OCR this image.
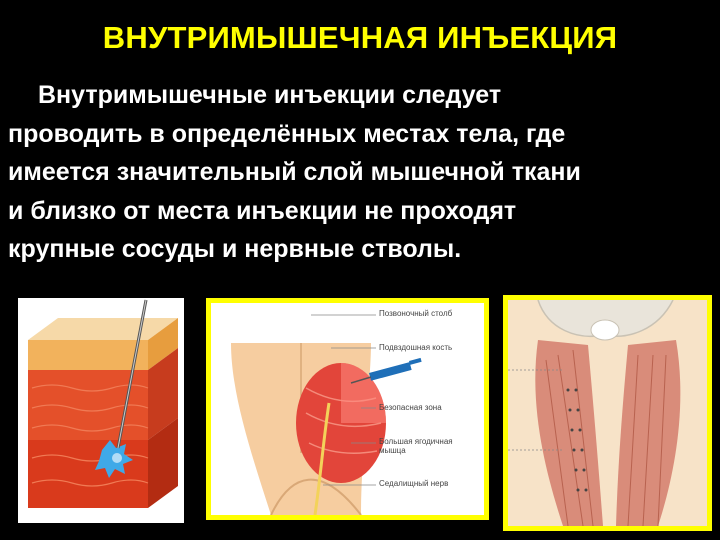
ВНУТРИМЫШЕЧНАЯ ИНЪЕКЦИЯ
Внутримышечные инъекции следует
проводить в определённых местах тела, где
имеется значительный слой мышечной ткани
и близко от места инъекции не проходят
крупные сосуды и нервные стволы.
Позвоночный столб
Подвздошная кость
Безопасная зона
Большая ягодичная мышца
Седалищный нерв
